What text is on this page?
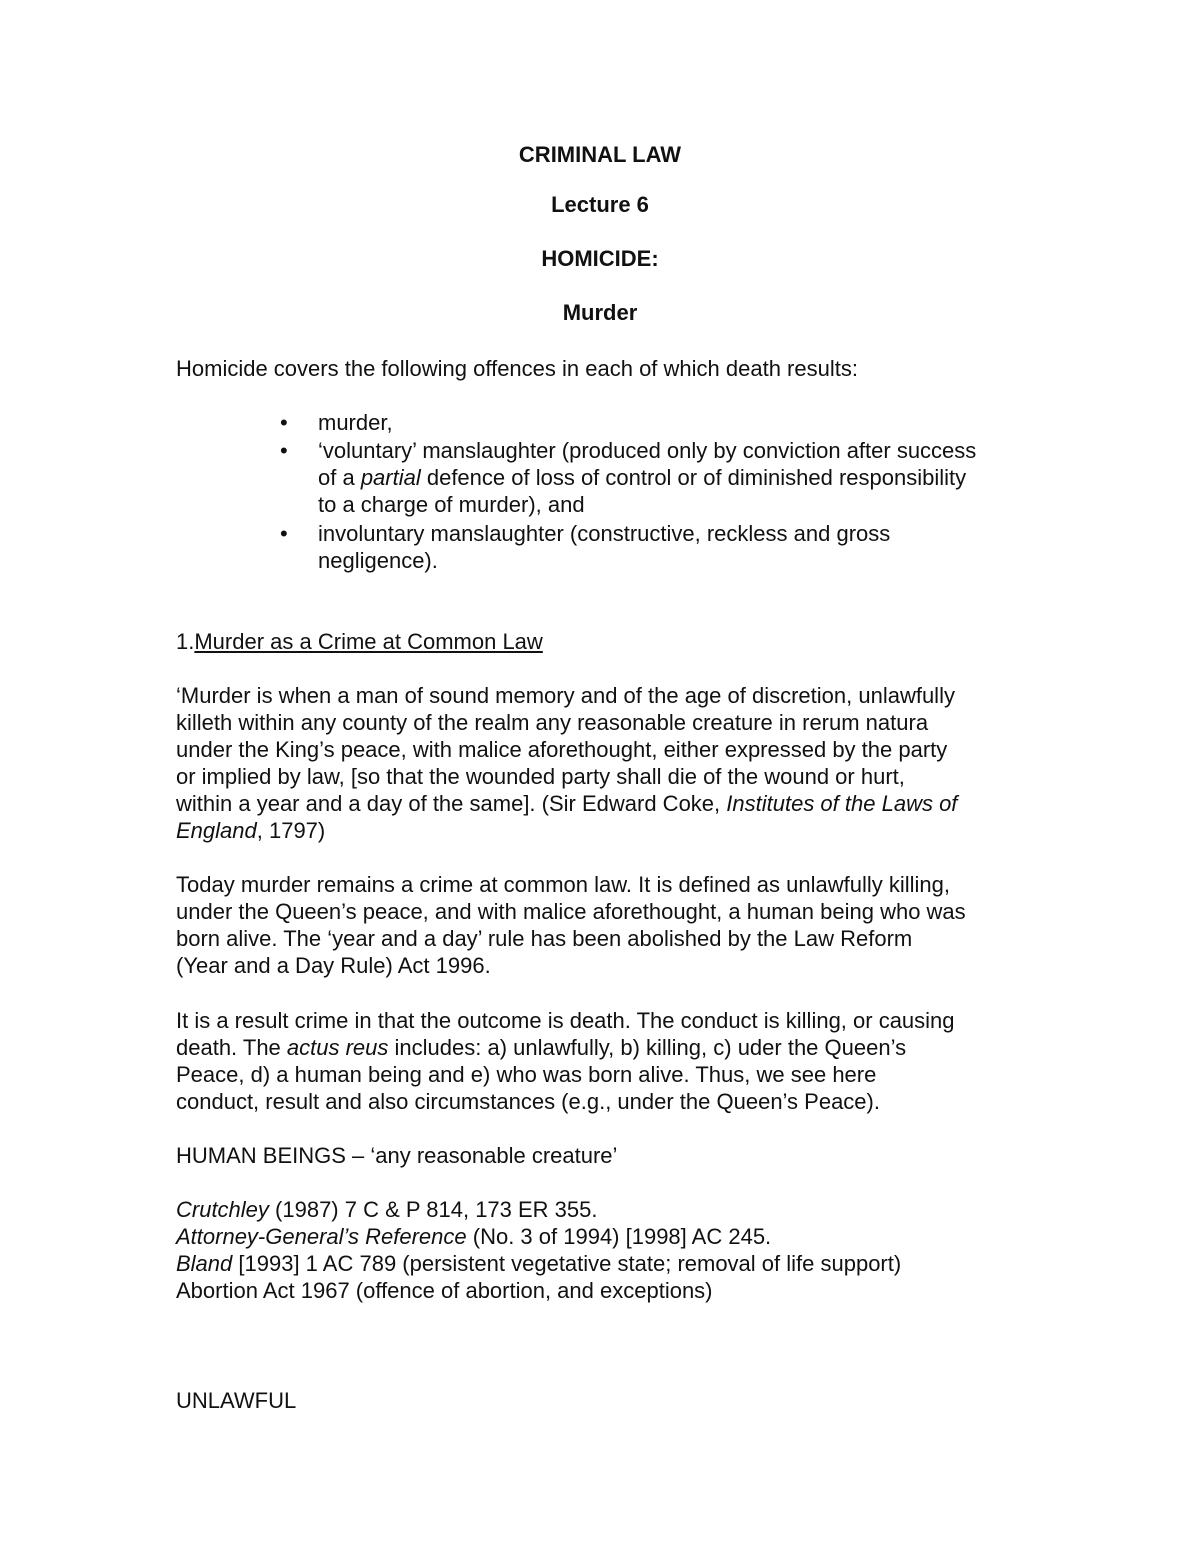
CRIMINAL LAW
Lecture 6
HOMICIDE:
Murder
Homicide covers the following offences in each of which death results:
• murder,
• ‘voluntary’ manslaughter (produced only by conviction after success
of a partial defence of loss of control or of diminished responsibility
to a charge of murder), and
• involuntary manslaughter (constructive, reckless and gross
negligence).
1.Murder as a Crime at Common Law
‘Murder is when a man of sound memory and of the age of discretion, unlawfully
killeth within any county of the realm any reasonable creature in rerum natura
under the King’s peace, with malice aforethought, either expressed by the party
or implied by law, [so that the wounded party shall die of the wound or hurt,
within a year and a day of the same]. (Sir Edward Coke, Institutes of the Laws of
England, 1797)
Today murder remains a crime at common law. It is defined as unlawfully killing,
under the Queen’s peace, and with malice aforethought, a human being who was
born alive. The ‘year and a day’ rule has been abolished by the Law Reform
(Year and a Day Rule) Act 1996.
It is a result crime in that the outcome is death. The conduct is killing, or causing
death. The actus reus includes: a) unlawfully, b) killing, c) uder the Queen’s
Peace, d) a human being and e) who was born alive. Thus, we see here
conduct, result and also circumstances (e.g., under the Queen’s Peace).
HUMAN BEINGS – ‘any reasonable creature’
Crutchley (1987) 7 C & P 814, 173 ER 355.
Attorney-General’s Reference (No. 3 of 1994) [1998] AC 245.
Bland [1993] 1 AC 789 (persistent vegetative state; removal of life support)
Abortion Act 1967 (offence of abortion, and exceptions)
UNLAWFUL
